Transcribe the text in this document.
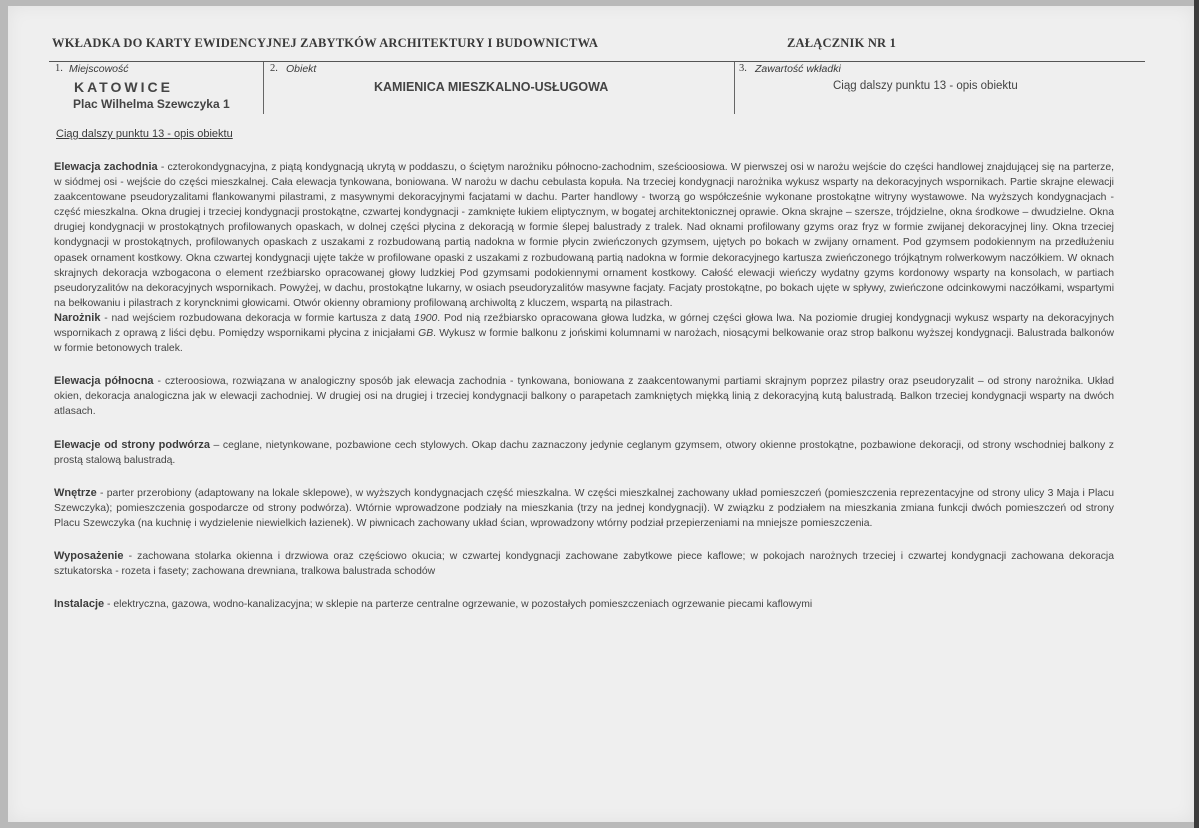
WKŁADKA DO KARTY EWIDENCYJNEJ ZABYTKÓW ARCHITEKTURY I BUDOWNICTWA	ZAŁĄCZNIK NR 1
1. Miejscowość
KATOWICE
Plac Wilhelma Szewczyka 1
2. Obiekt
KAMIENICA MIESZKALNO-USŁUGOWA
3. Zawartość wkładki
Ciąg dalszy punktu 13 - opis obiektu
Ciąg dalszy punktu 13 - opis obiektu

Elewacja zachodnia - czterokondygnacyjna, z piątą kondygnacją ukrytą w poddaszu, o ściętym narożniku północno-zachodnim, sześcioosiowa. W pierwszej osi w narożu wejście do części handlowej znajdującej się na parterze, w siódmej osi - wejście do części mieszkalnej. Cała elewacja tynkowana, boniowana. W narożu w dachu cebulasta kopuła. Na trzeciej kondygnacji narożnika wykusz wsparty na dekoracyjnych wspornikach. Partie skrajne elewacji zaakcentowane pseudoryzalitami flankowanymi pilastrami, z masywnymi dekoracyjnymi facjatami w dachu. Parter handlowy - tworzą go współcześnie wykonane prostokątne witryny wystawowe. Na wyższych kondygnacjach - część mieszkalna. Okna drugiej i trzeciej kondygnacji prostokątne, czwartej kondygnacji - zamknięte łukiem eliptycznym, w bogatej architektonicznej oprawie. Okna skrajne – szersze, trójdzielne, okna środkowe – dwudzielne. Okna drugiej kondygnacji w prostokątnych profilowanych opaskach, w dolnej części płycina z dekoracją w formie ślepej balustrady z tralek. Nad oknami profilowany gzyms oraz fryz w formie zwijanej dekoracyjnej liny. Okna trzeciej kondygnacji w prostokątnych, profilowanych opaskach z uszakami z rozbudowaną partią nadokna w formie płycin zwieńczonych gzymsem, ujętych po bokach w zwijany ornament. Pod gzymsem podokiennym na przedłużeniu opasek ornament kostkowy. Okna czwartej kondygnacji ujęte także w profilowane opaski z uszakami z rozbudowaną partią nadokna w formie dekoracyjnego kartusza zwieńczonego trójkątnym rolwerkowym naczółkiem. W oknach skrajnych dekoracja wzbogacona o element rzeźbiarsko opracowanej głowy ludzkiej Pod gzymsami podokiennymi ornament kostkowy. Całość elewacji wieńczy wydatny gzyms kordonowy wsparty na konsolach, w partiach pseudoryzalitów na dekoracyjnych wspornikach. Powyżej, w dachu, prostokątne lukarny, w osiach pseudoryzalitów masywne facjaty. Facjaty prostokątne, po bokach ujęte w spływy, zwieńczone odcinkowymi naczółkami, wspartymi na bełkowaniu i pilastrach z koryncknimi głowicami. Otwór okienny obramiony profilowaną archiwoltą z kluczem, wspartą na pilastrach.

Narożnik - nad wejściem rozbudowana dekoracja w formie kartusza z datą 1900. Pod nią rzeźbiarsko opracowana głowa ludzka, w górnej części głowa lwa. Na poziomie drugiej kondygnacji wykusz wsparty na dekoracyjnych wspornikach z oprawą z liści dębu. Pomiędzy wspornikami płycina z inicjałami GB. Wykusz w formie balkonu z jońskimi kolumnami w narożach, niosącymi belkowanie oraz strop balkonu wyższej kondygnacji. Balustrada balkonów w formie betonowych tralek.

Elewacja północna - czteroosiowa, rozwiązana w analogiczny sposób jak elewacja zachodnia - tynkowana, boniowana z zaakcentowanymi partiami skrajnym poprzez pilastry oraz pseudoryzalit – od strony narożnika. Układ okien, dekoracja analogiczna jak w elewacji zachodniej. W drugiej osi na drugiej i trzeciej kondygnacji balkony o parapetach zamkniętych miękką linią z dekoracyjną kutą balustradą. Balkon trzeciej kondygnacji wsparty na dwóch atlasach.

Elewacje od strony podwórza – ceglane, nietynkowane, pozbawione cech stylowych. Okap dachu zaznaczony jedynie ceglanym gzymsem, otwory okienne prostokątne, pozbawione dekoracji, od strony wschodniej balkony z prostą stalową balustradą.

Wnętrze - parter przerobiony (adaptowany na lokale sklepowe), w wyższych kondygnacjach część mieszkalna. W części mieszkalnej zachowany układ pomieszczeń (pomieszczenia reprezentacyjne od strony ulicy 3 Maja i Placu Szewczyka); pomieszczenia gospodarcze od strony podwórza). Wtórnie wprowadzone podziały na mieszkania (trzy na jednej kondygnacji). W związku z podziałem na mieszkania zmiana funkcji dwóch pomieszczeń od strony Placu Szewczyka (na kuchnię i wydzielenie niewielkich łazienek). W piwnicach zachowany układ ścian, wprowadzony wtórny podział przepierzeniami na mniejsze pomieszczenia.

Wyposażenie - zachowana stolarka okienna i drzwiowa oraz częściowo okucia; w czwartej kondygnacji zachowane zabytkowe piece kaflowe; w pokojach narożnych trzeciej i czwartej kondygnacji zachowana dekoracja sztukatorska - rozeta i fasety; zachowana drewniana, tralkowa balustrada schodów

Instalacje - elektryczna, gazowa, wodno-kanalizacyjna; w sklepie na parterze centralne ogrzewanie, w pozostałych pomieszczeniach ogrzewanie piecami kaflowymi
